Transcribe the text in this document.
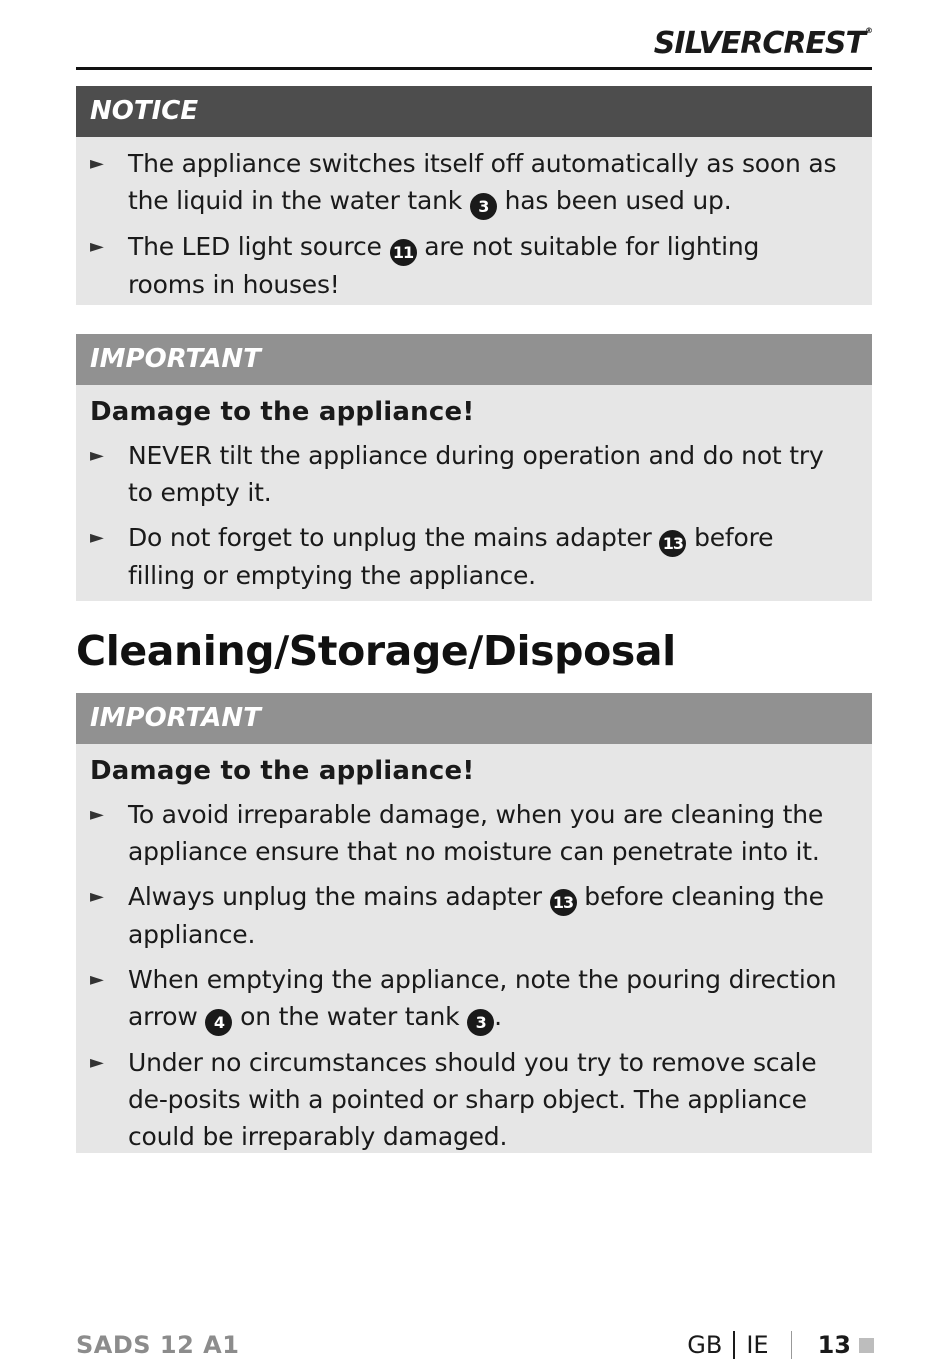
SILVERCREST®
NOTICE
► The appliance switches itself off automatically as soon as the liquid in the water tank 3 has been used up.
► The LED light source 11 are not suitable for lighting rooms in houses!
IMPORTANT
Damage to the appliance!
► NEVER tilt the appliance during operation and do not try to empty it.
► Do not forget to unplug the mains adapter 13 before filling or emptying the appliance.
Cleaning/Storage/Disposal
IMPORTANT
Damage to the appliance!
► To avoid irreparable damage, when you are cleaning the appliance ensure that no moisture can penetrate into it.
► Always unplug the mains adapter 13 before cleaning the appliance.
► When emptying the appliance, note the pouring direction arrow 4 on the water tank 3 .
► Under no circumstances should you try to remove scale de-posits with a pointed or sharp object. The appliance could be irreparably damaged.
SADS 12 A1	GB IE 13
